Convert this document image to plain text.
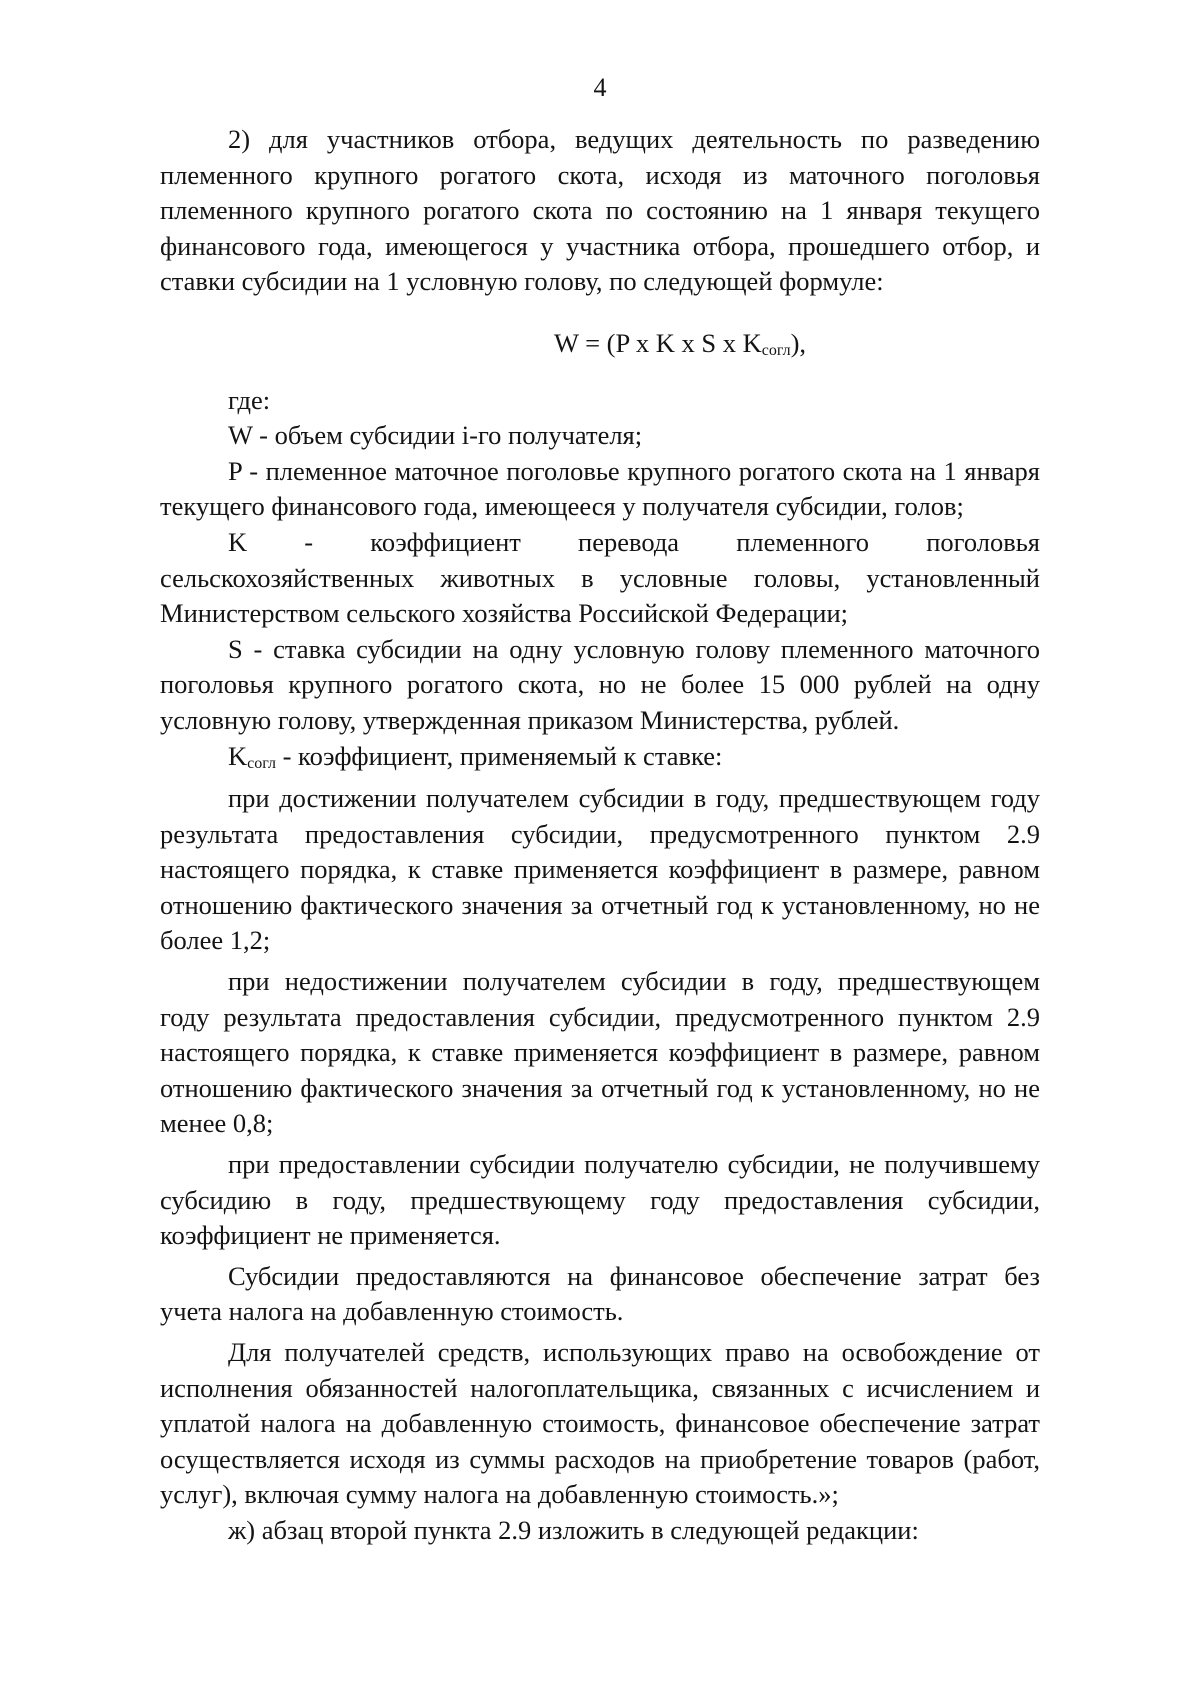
4

2) для участников отбора, ведущих деятельность по разведению племенного крупного рогатого скота, исходя из маточного поголовья племенного крупного рогатого скота по состоянию на 1 января текущего финансового года, имеющегося у участника отбора, прошедшего отбор, и ставки субсидии на 1 условную голову, по следующей формуле:

W = (P x K x S x Kсогл),

где:

W - объем субсидии i-го получателя;

P - племенное маточное поголовье крупного рогатого скота на 1 января текущего финансового года, имеющееся у получателя субсидии, голов;

K - коэффициент перевода племенного поголовья сельскохозяйственных животных в условные головы, установленный Министерством сельского хозяйства Российской Федерации;

S - ставка субсидии на одну условную голову племенного маточного поголовья крупного рогатого скота, но не более 15 000 рублей на одну условную голову, утвержденная приказом Министерства, рублей.

Kсогл - коэффициент, применяемый к ставке:

при достижении получателем субсидии в году, предшествующем году результата предоставления субсидии, предусмотренного пунктом 2.9 настоящего порядка, к ставке применяется коэффициент в размере, равном отношению фактического значения за отчетный год к установленному, но не более 1,2;

при недостижении получателем субсидии в году, предшествующем году результата предоставления субсидии, предусмотренного пунктом 2.9 настоящего порядка, к ставке применяется коэффициент в размере, равном отношению фактического значения за отчетный год к установленному, но не менее 0,8;

при предоставлении субсидии получателю субсидии, не получившему субсидию в году, предшествующему году предоставления субсидии, коэффициент не применяется.

Субсидии предоставляются на финансовое обеспечение затрат без учета налога на добавленную стоимость.

Для получателей средств, использующих право на освобождение от исполнения обязанностей налогоплательщика, связанных с исчислением и уплатой налога на добавленную стоимость, финансовое обеспечение затрат осуществляется исходя из суммы расходов на приобретение товаров (работ, услуг), включая сумму налога на добавленную стоимость.»;

ж) абзац второй пункта 2.9 изложить в следующей редакции:
